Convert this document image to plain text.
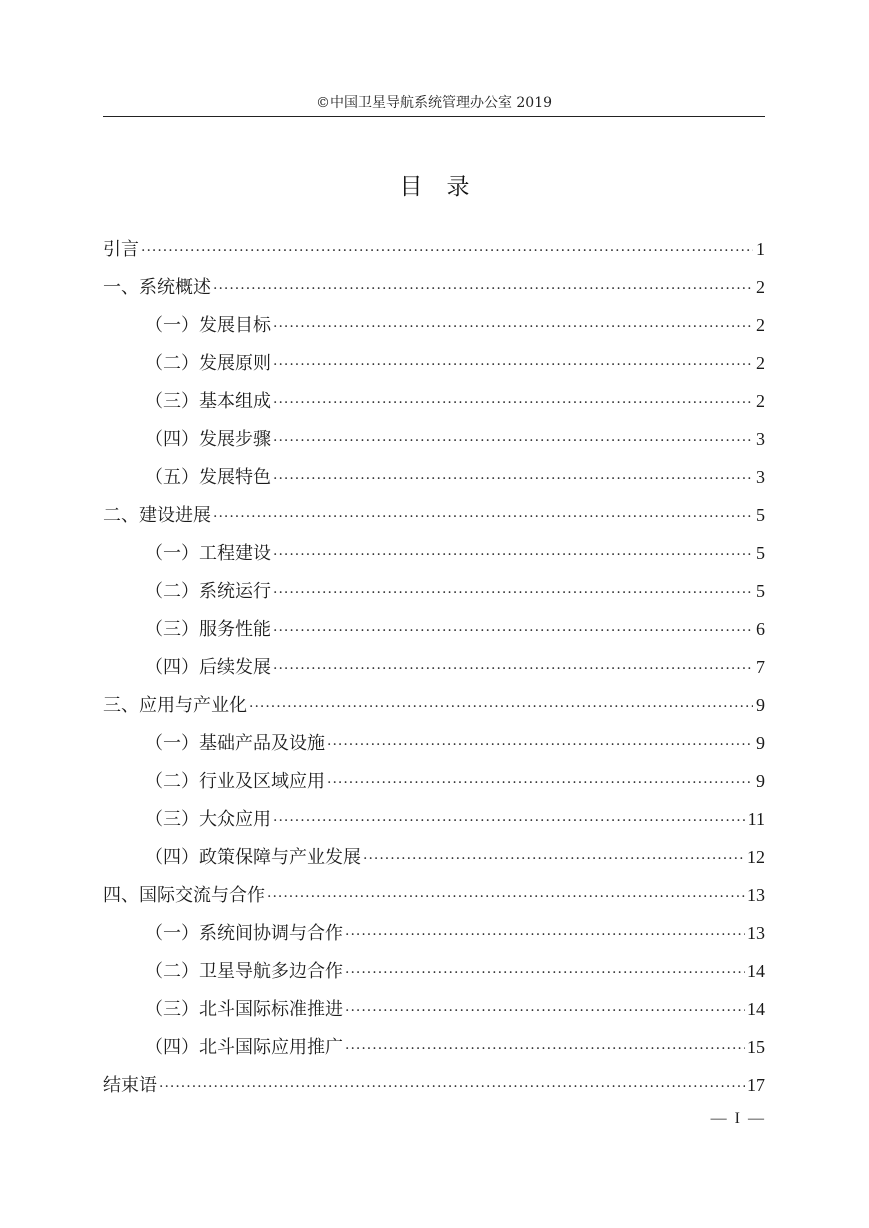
©中国卫星导航系统管理办公室 2019
目录
引言 ·····	1
一、系统概述 ·····	2
（一）发展目标 ·····	2
（二）发展原则 ·····	2
（三）基本组成 ·····	2
（四）发展步骤 ·····	3
（五）发展特色 ·····	3
二、建设进展 ·····	5
（一）工程建设 ·····	5
（二）系统运行 ·····	5
（三）服务性能 ·····	6
（四）后续发展 ·····	7
三、应用与产业化 ·····	9
（一）基础产品及设施 ·····	9
（二）行业及区域应用 ·····	9
（三）大众应用 ·····	11
（四）政策保障与产业发展 ·····	12
四、国际交流与合作 ·····	13
（一）系统间协调与合作 ·····	13
（二）卫星导航多边合作 ·····	14
（三）北斗国际标准推进 ·····	14
（四）北斗国际应用推广 ·····	15
结束语 ·····	17
— I —
